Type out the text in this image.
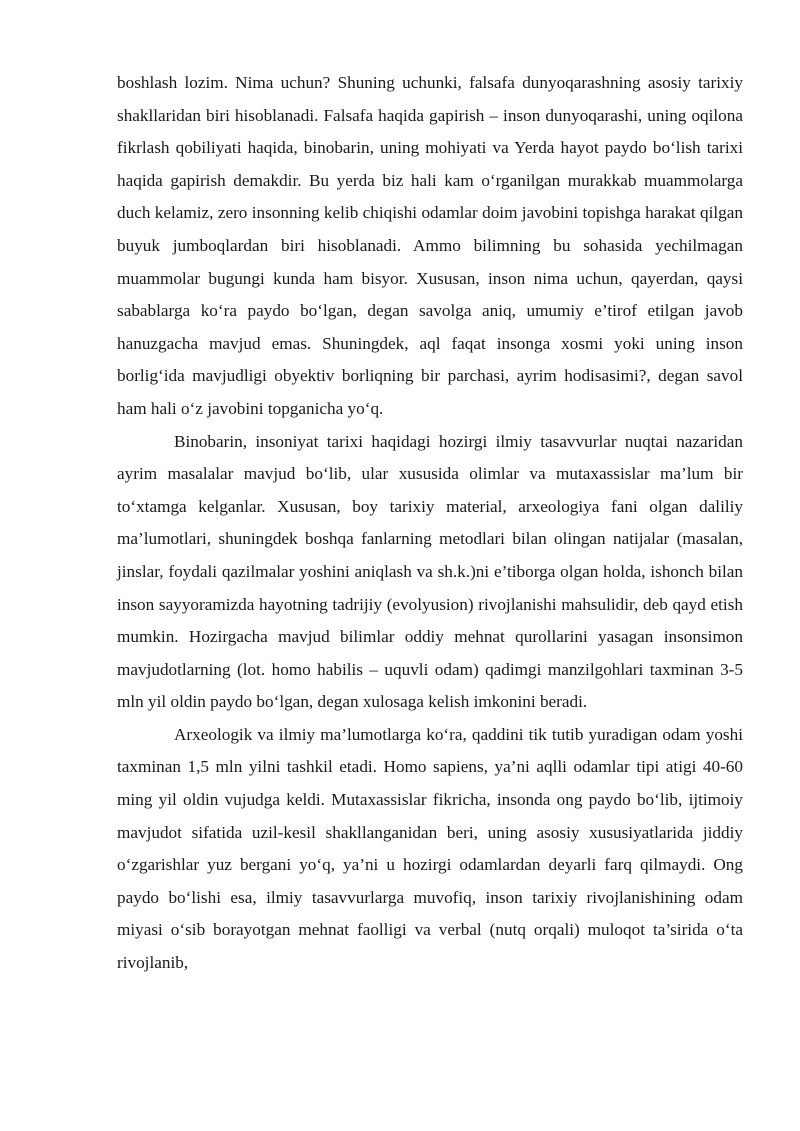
boshlash lozim. Nima uchun? Shuning uchunki, falsafa dunyoqarashning asosiy tarixiy shakllaridan biri hisoblanadi. Falsafa haqida gapirish – inson dunyoqarashi, uning oqilona fikrlash qobiliyati haqida, binobarin, uning mohiyati va Yerda hayot paydo bo‘lish tarixi haqida gapirish demakdir. Bu yerda biz hali kam o‘rganilgan murakkab muammolarga duch kelamiz, zero insonning kelib chiqishi odamlar doim javobini topishga harakat qilgan buyuk jumboqlardan biri hisoblanadi. Ammo bilimning bu sohasida yechilmagan muammolar bugungi kunda ham bisyor. Xususan, inson nima uchun, qayerdan, qaysi sabablarga ko‘ra paydo bo‘lgan, degan savolga aniq, umumiy e’tirof etilgan javob hanuzgacha mavjud emas. Shuningdek, aql faqat insonga xosmi yoki uning inson borlig‘ida mavjudligi obyektiv borliqning bir parchasi, ayrim hodisasimi?, degan savol ham hali o‘z javobini topganicha yo‘q.

Binobarin, insoniyat tarixi haqidagi hozirgi ilmiy tasavvurlar nuqtai nazaridan ayrim masalalar mavjud bo‘lib, ular xususida olimlar va mutaxassislar ma’lum bir to‘xtamga kelganlar. Xususan, boy tarixiy material, arxeologiya fani olgan daliliy ma’lumotlari, shuningdek boshqa fanlarning metodlari bilan olingan natijalar (masalan, jinslar, foydali qazilmalar yoshini aniqlash va sh.k.)ni e’tiborga olgan holda, ishonch bilan inson sayyoramizda hayotning tadrijiy (evolyusion) rivojlanishi mahsulidir, deb qayd etish mumkin. Hozirgacha mavjud bilimlar oddiy mehnat qurollarini yasagan insonsimon mavjudotlarning (lot. homo habilis – uquvli odam) qadimgi manzilgohlari taxminan 3-5 mln yil oldin paydo bo‘lgan, degan xulosaga kelish imkonini beradi.

Arxeologik va ilmiy ma’lumotlarga ko‘ra, qaddini tik tutib yuradigan odam yoshi taxminan 1,5 mln yilni tashkil etadi. Homo sapiens, ya’ni aqlli odamlar tipi atigi 40-60 ming yil oldin vujudga keldi. Mutaxassislar fikricha, insonda ong paydo bo‘lib, ijtimoiy mavjudot sifatida uzil-kesil shakllanganidan beri, uning asosiy xususiyatlarida jiddiy o‘zgarishlar yuz bergani yo‘q, ya’ni u hozirgi odamlardan deyarli farq qilmaydi. Ong paydo bo‘lishi esa, ilmiy tasavvurlarga muvofiq, inson tarixiy rivojlanishining odam miyasi o‘sib borayotgan mehnat faolligi va verbal (nutq orqali) muloqot ta’sirida o‘ta rivojlanib,
